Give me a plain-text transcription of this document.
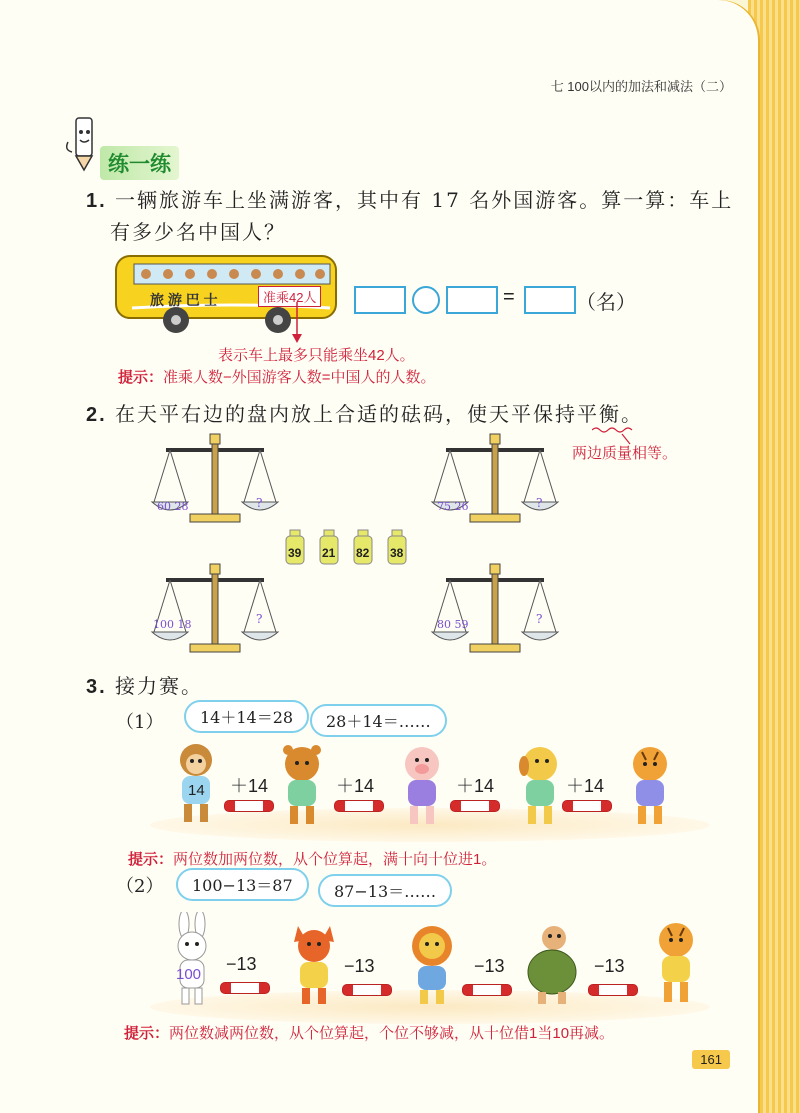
七 100以内的加法和减法（二）
练一练
1. 一辆旅游车上坐满游客，其中有 17 名外国游客。算一算：车上
有多少名中国人？
旅 游 巴 士	准乘42人	=	（名）
表示车上最多只能乘坐42人。
提示：准乘人数−外国游客人数=中国人的人数。
2. 在天平右边的盘内放上合适的砝码，使天平保持平衡。
两边质量相等。
60 28	?	75 26	?
100 18	?	80 59	?
39 21 82 38
3. 接力赛。
（1）	14＋14＝28	28＋14＝……
14 ＋14	＋14	＋14	＋14
提示：两位数加两位数，从个位算起，满十向十位进1。
（2）	100−13＝87	87−13＝……
100
−13	−13	−13	−13
提示：两位数减两位数，从个位算起，个位不够减，从十位借1当10再减。
161
